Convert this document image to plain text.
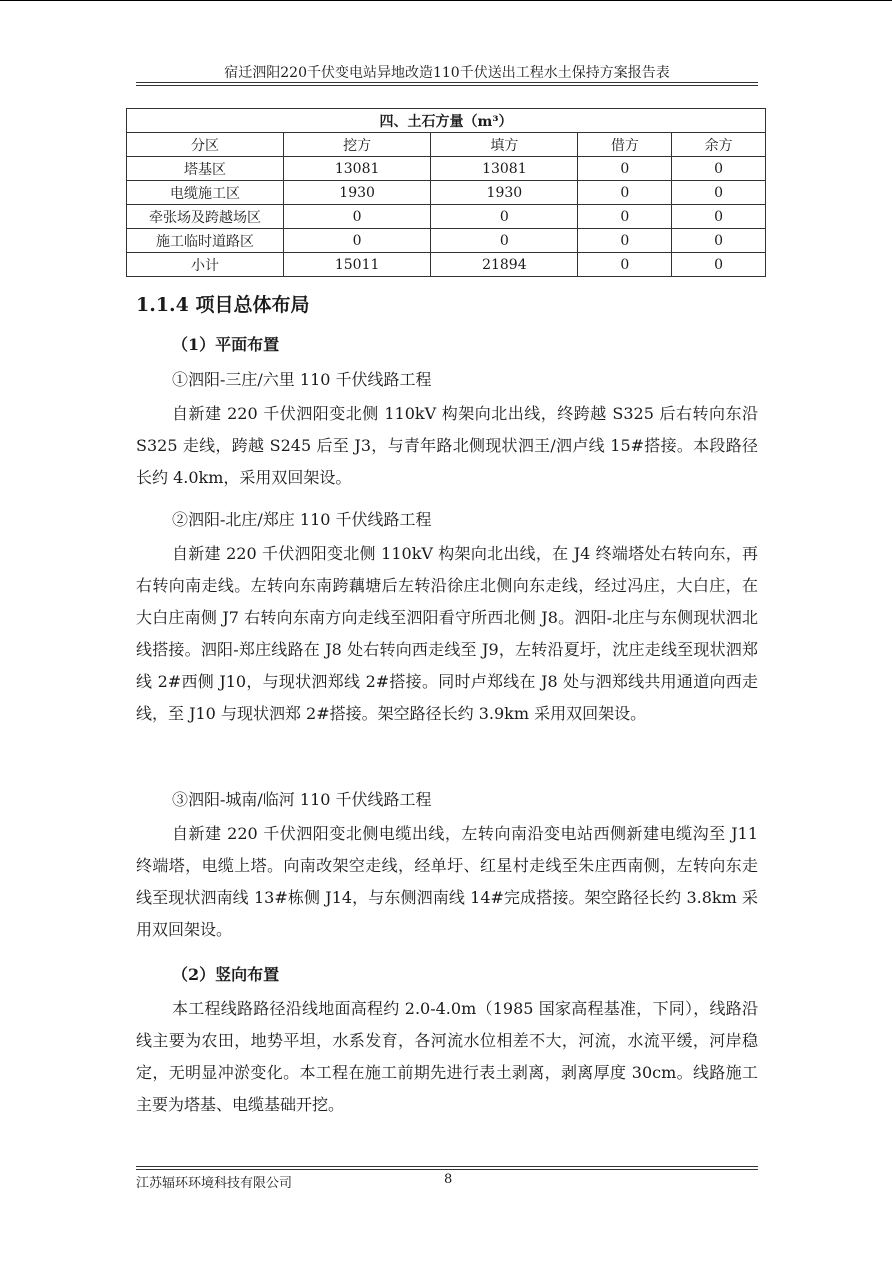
宿迁泗阳220千伏变电站异地改造110千伏送出工程水土保持方案报告表
四、土石方量（m³）				
分区	挖方	填方	借方	余方
塔基区	13081	13081	0	0
电缆施工区	1930	1930	0	0
牵张场及跨越场区	0	0	0	0
施工临时道路区	0	0	0	0
小计	15011	21894	0	0
1.1.4 项目总体布局
（1）平面布置
①泗阳-三庄/六里 110 千伏线路工程
自新建 220 千伏泗阳变北侧 110kV 构架向北出线，终跨越 S325 后右转向东沿 S325 走线，跨越 S245 后至 J3，与青年路北侧现状泗王/泗卢线 15#搭接。本段路径长约 4.0km，采用双回架设。
②泗阳-北庄/郑庄 110 千伏线路工程
自新建 220 千伏泗阳变北侧 110kV 构架向北出线，在 J4 终端塔处右转向东，再右转向南走线。左转向东南跨藕塘后左转沿徐庄北侧向东走线，经过冯庄，大白庄，在大白庄南侧 J7 右转向东南方向走线至泗阳看守所西北侧 J8。泗阳-北庄与东侧现状泗北线搭接。泗阳-郑庄线路在 J8 处右转向西走线至 J9，左转沿夏圩，沈庄走线至现状泗郑线 2#西侧 J10，与现状泗郑线 2#搭接。同时卢郑线在 J8 处与泗郑线共用通道向西走线，至 J10 与现状泗郑 2#搭接。架空路径长约 3.9km 采用双回架设。
③泗阳-城南/临河 110 千伏线路工程
自新建 220 千伏泗阳变北侧电缆出线，左转向南沿变电站西侧新建电缆沟至 J11 终端塔，电缆上塔。向南改架空走线，经单圩、红星村走线至朱庄西南侧，左转向东走线至现状泗南线 13#栋侧 J14，与东侧泗南线 14#完成搭接。架空路径长约 3.8km 采用双回架设。
（2）竖向布置
本工程线路路径沿线地面高程约 2.0-4.0m（1985 国家高程基准，下同），线路沿线主要为农田，地势平坦，水系发育，各河流水位相差不大，河流，水流平缓，河岸稳定，无明显冲淤变化。本工程在施工前期先进行表土剥离，剥离厚度 30cm。线路施工主要为塔基、电缆基础开挖。
江苏辐环环境科技有限公司	8
